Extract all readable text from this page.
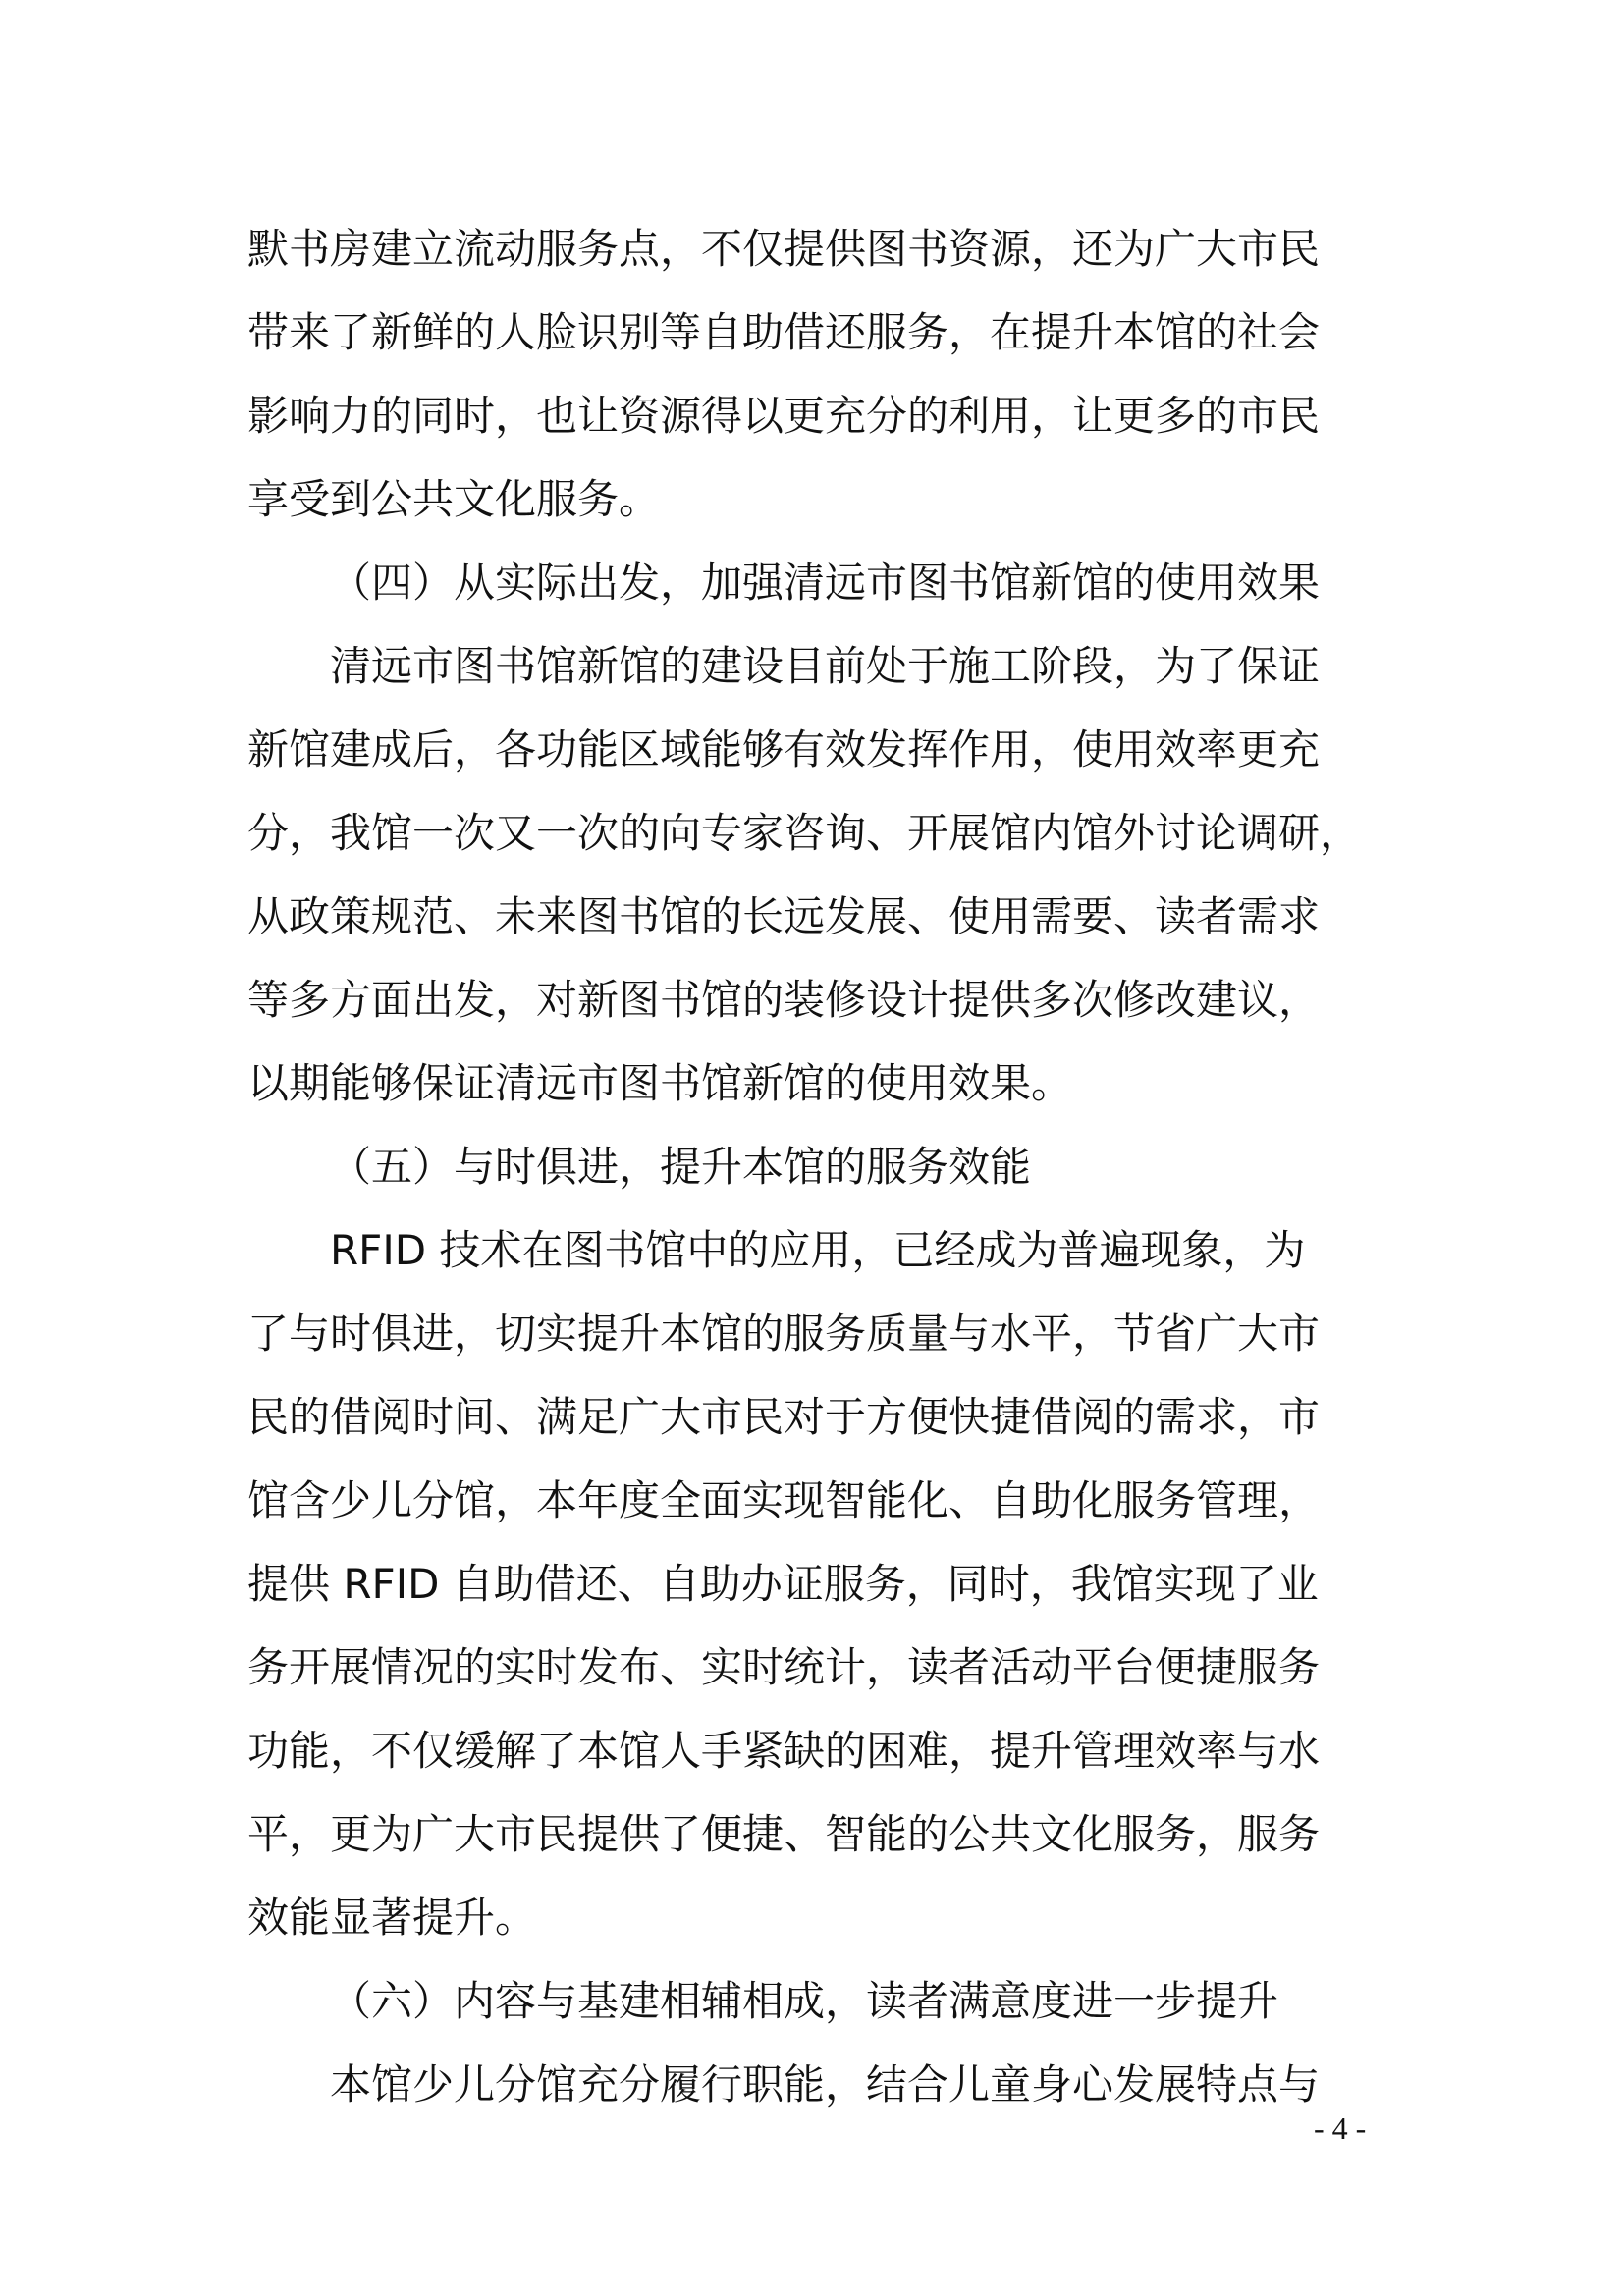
默书房建立流动服务点，不仅提供图书资源，还为广大市民
带来了新鲜的人脸识别等自助借还服务，在提升本馆的社会
影响力的同时，也让资源得以更充分的利用，让更多的市民
享受到公共文化服务。
（四）从实际出发，加强清远市图书馆新馆的使用效果
清远市图书馆新馆的建设目前处于施工阶段，为了保证
新馆建成后，各功能区域能够有效发挥作用，使用效率更充
分，我馆一次又一次的向专家咨询、开展馆内馆外讨论调研，
从政策规范、未来图书馆的长远发展、使用需要、读者需求
等多方面出发，对新图书馆的装修设计提供多次修改建议，
以期能够保证清远市图书馆新馆的使用效果。
（五）与时俱进，提升本馆的服务效能
RFID 技术在图书馆中的应用，已经成为普遍现象，为
了与时俱进，切实提升本馆的服务质量与水平，节省广大市
民的借阅时间、满足广大市民对于方便快捷借阅的需求，市
馆含少儿分馆，本年度全面实现智能化、自助化服务管理，
提供 RFID 自助借还、自助办证服务，同时，我馆实现了业
务开展情况的实时发布、实时统计，读者活动平台便捷服务
功能，不仅缓解了本馆人手紧缺的困难，提升管理效率与水
平，更为广大市民提供了便捷、智能的公共文化服务，服务
效能显著提升。
（六）内容与基建相辅相成，读者满意度进一步提升
本馆少儿分馆充分履行职能，结合儿童身心发展特点与
- 4 -
